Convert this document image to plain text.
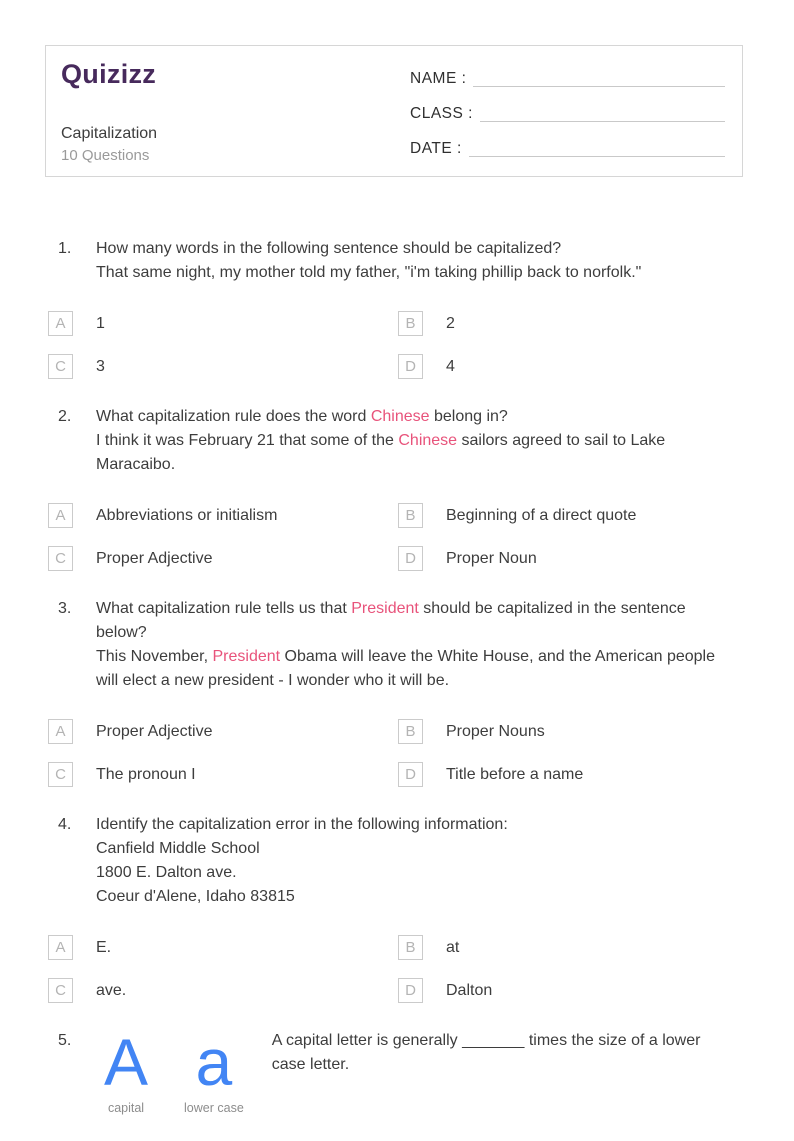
Quizizz
Capitalization
10 Questions
NAME :
CLASS :
DATE :
1.	How many words in the following sentence should be capitalized?
That same night, my mother told my father, "i'm taking phillip back to norfolk."
A	1	B	2
C	3	D	4
2.	What capitalization rule does the word Chinese belong in?
I think it was February 21 that some of the Chinese sailors agreed to sail to Lake
Maracaibo.
A	Abbreviations or initialism	B	Beginning of a direct quote
C	Proper Adjective	D	Proper Noun
3.	What capitalization rule tells us that President should be capitalized in the sentence
below?
This November, President Obama will leave the White House, and the American people
will elect a new president - I wonder who it will be.
A	Proper Adjective	B	Proper Nouns
C	The pronoun I	D	Title before a name
4.	Identify the capitalization error in the following information:
Canfield Middle School
1800 E. Dalton ave.
Coeur d'Alene, Idaho 83815
A	E.	B	at
C	ave.	D	Dalton
5. A
capital
a
lower case
A capital letter is generally _______ times the size of a lower
case letter.
